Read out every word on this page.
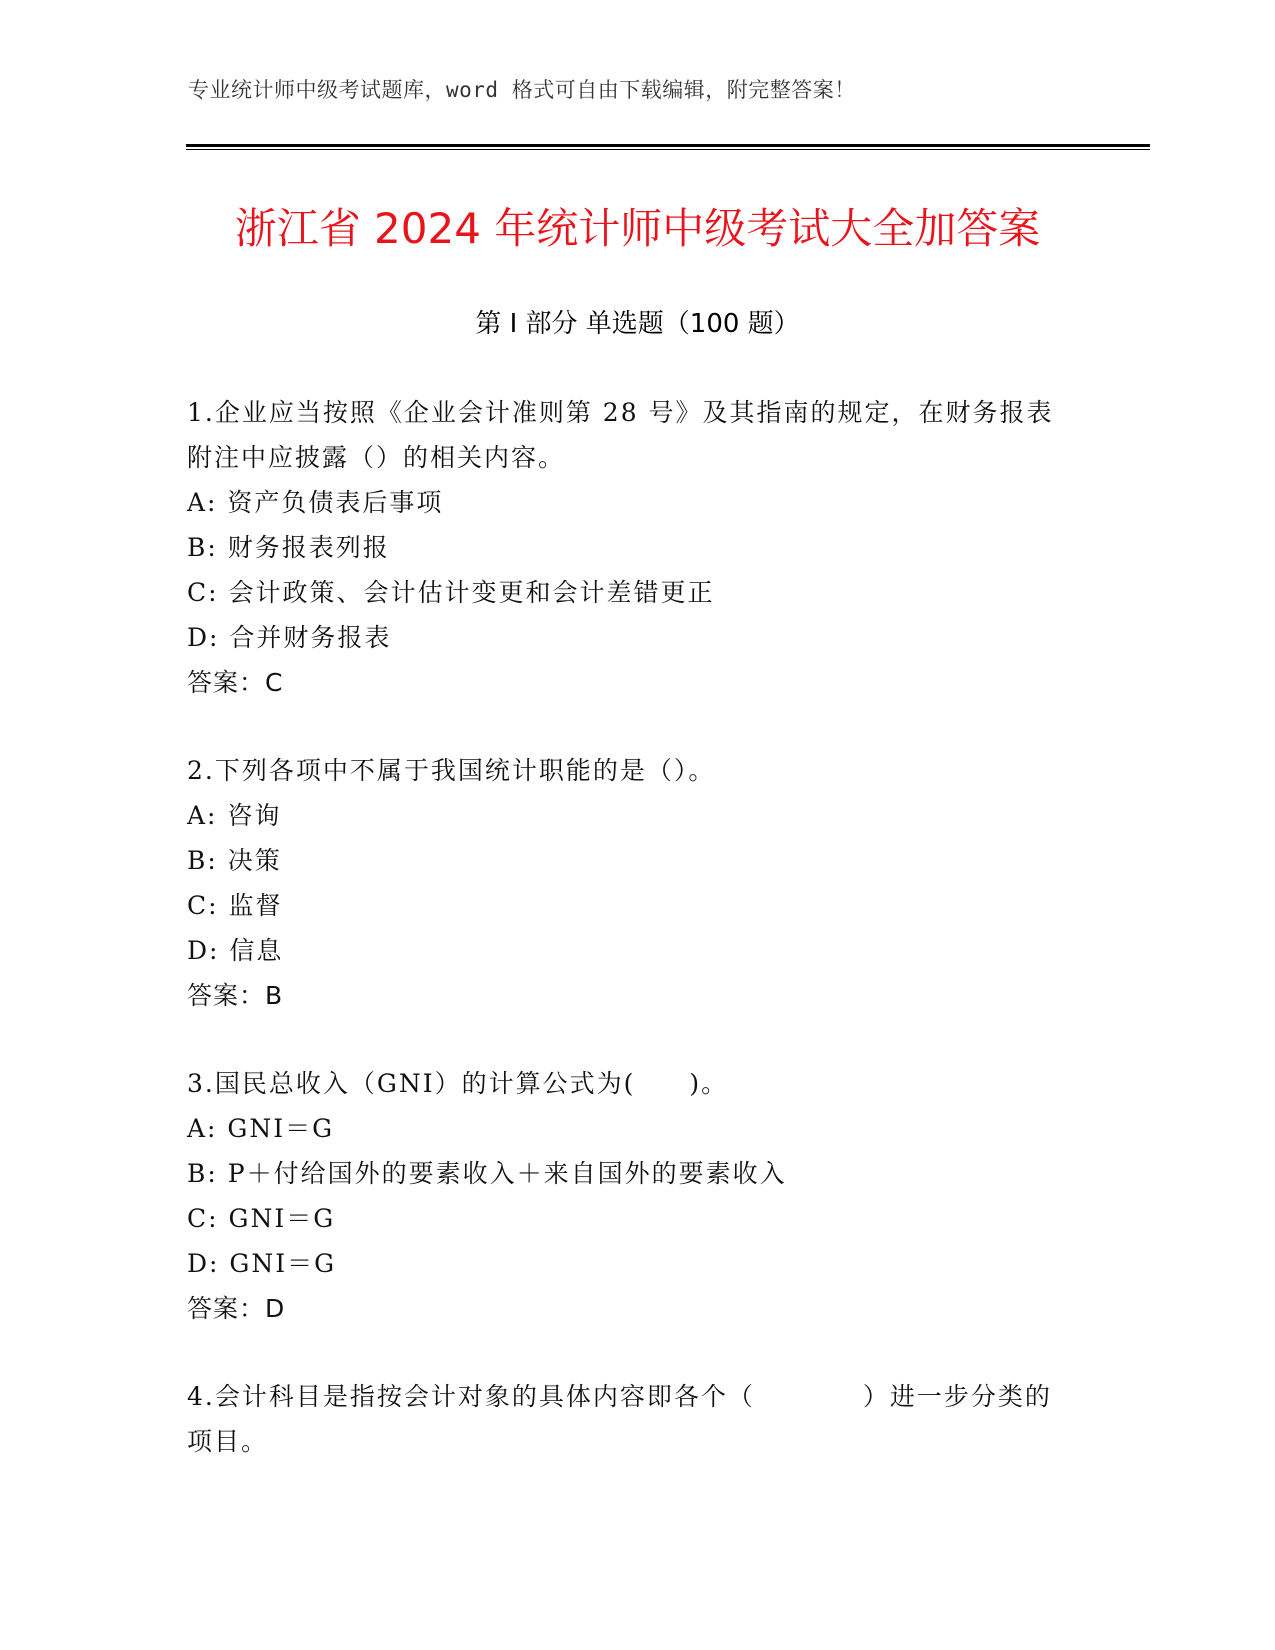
专业统计师中级考试题库，word 格式可自由下载编辑，附完整答案！
浙江省 2024 年统计师中级考试大全加答案
第 I 部分 单选题（100 题）
1.企业应当按照《企业会计准则第 28 号》及其指南的规定，在财务报表附注中应披露（）的相关内容。
A: 资产负债表后事项
B: 财务报表列报
C: 会计政策、会计估计变更和会计差错更正
D: 合并财务报表
答案：C
2.下列各项中不属于我国统计职能的是（）。
A: 咨询
B: 决策
C: 监督
D: 信息
答案：B
3.国民总收入（GNI）的计算公式为(　　)。
A: GNI＝G
B: P＋付给国外的要素收入＋来自国外的要素收入
C: GNI＝G
D: GNI＝G
答案：D
4.会计科目是指按会计对象的具体内容即各个（　　　　）进一步分类的项目。
